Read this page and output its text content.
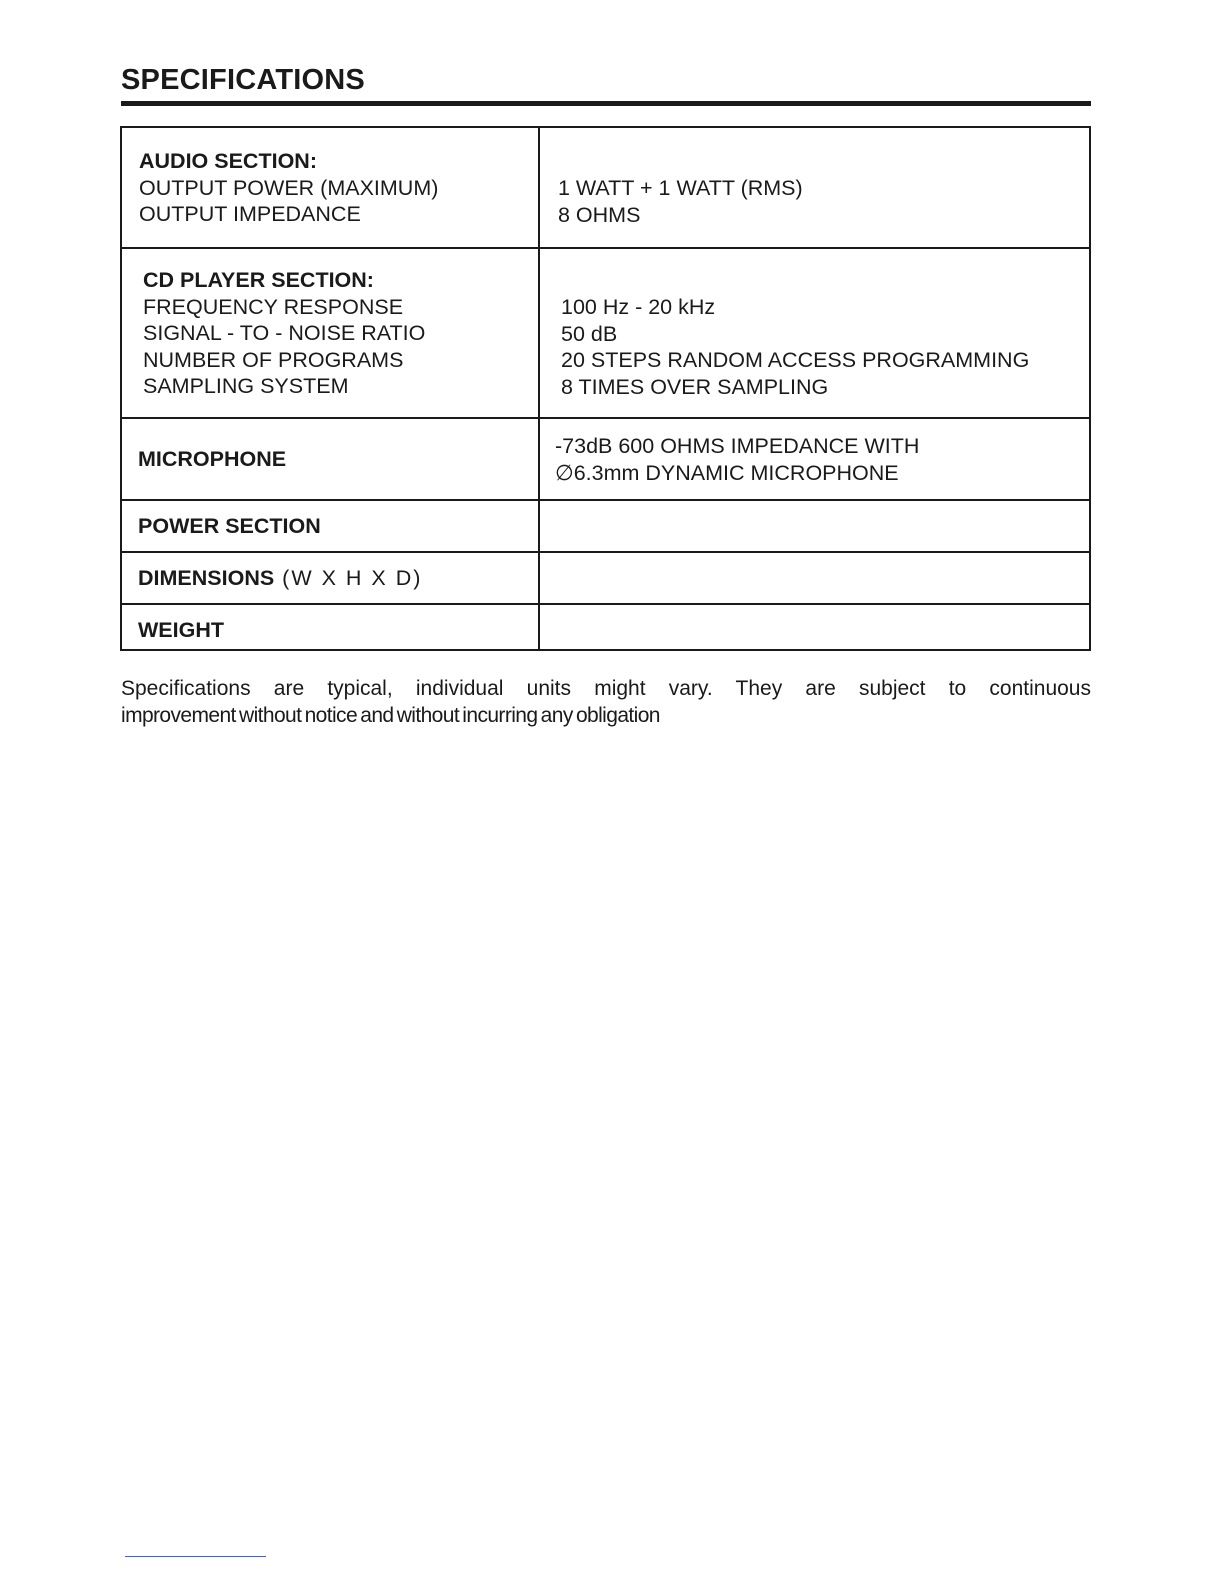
SPECIFICATIONS
AUDIO SECTION:
OUTPUT POWER (MAXIMUM)
OUTPUT IMPEDANCE
1 WATT + 1 WATT (RMS)
8 OHMS
CD PLAYER SECTION:
FREQUENCY RESPONSE
SIGNAL - TO - NOISE RATIO
NUMBER OF PROGRAMS
SAMPLING SYSTEM
100 Hz - 20 kHz
50 dB
20 STEPS RANDOM ACCESS PROGRAMMING
8 TIMES OVER SAMPLING
MICROPHONE
-73dB 600 OHMS IMPEDANCE WITH
∅6.3mm DYNAMIC MICROPHONE
POWER SECTION
DIMENSIONS (W X H X D)
WEIGHT
Specifications are typical, individual units might vary. They are subject to continuous
improvement without notice and without incurring any obligation
